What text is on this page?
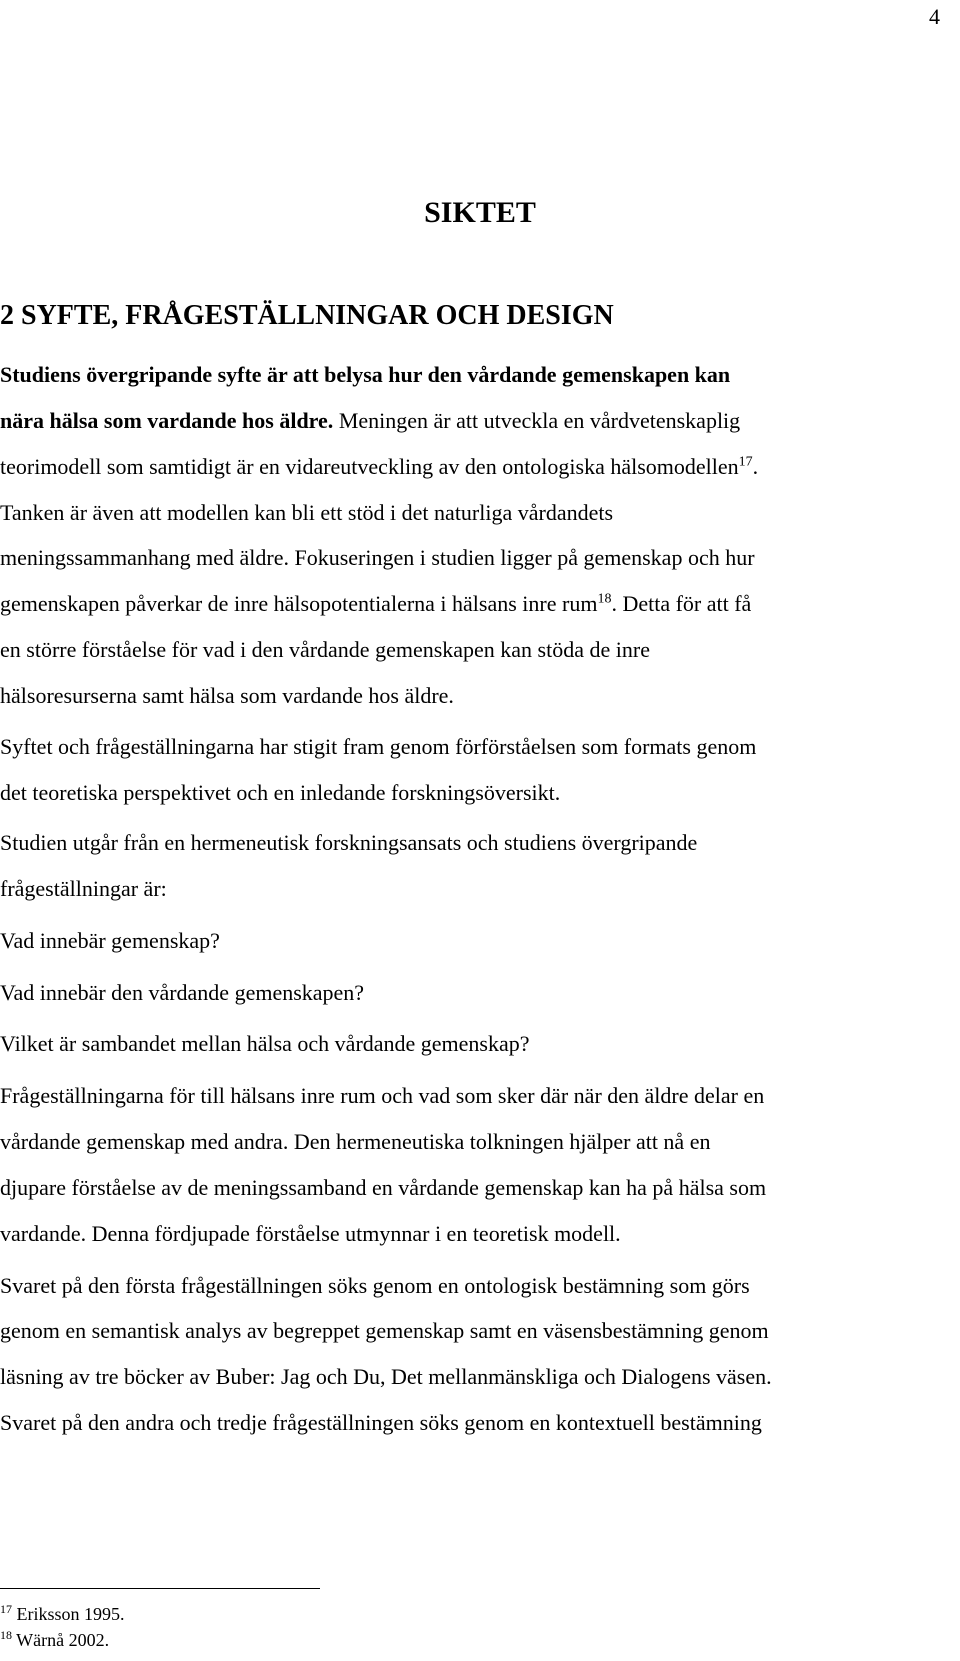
4
SIKTET
2 SYFTE, FRÅGESTÄLLNINGAR OCH DESIGN
Studiens övergripande syfte är att belysa hur den vårdande gemenskapen kan
nära hälsa som vardande hos äldre. Meningen är att utveckla en vårdvetenskaplig
teorimodell som samtidigt är en vidareutveckling av den ontologiska hälsomodellen$^{17}$.
Tanken är även att modellen kan bli ett stöd i det naturliga vårdandets
meningssammanhang med äldre. Fokuseringen i studien ligger på gemenskap och hur
gemenskapen påverkar de inre hälsopotentialerna i hälsans inre rum$^{18}$. Detta för att få
en större förståelse för vad i den vårdande gemenskapen kan stöda de inre
hälsoresurserna samt hälsa som vardande hos äldre.
Syftet och frågeställningarna har stigit fram genom förförståelsen som formats genom
det teoretiska perspektivet och en inledande forskningsöversikt.
Studien utgår från en hermeneutisk forskningsansats och studiens övergripande
frågeställningar är:
Vad innebär gemenskap?
Vad innebär den vårdande gemenskapen?
Vilket är sambandet mellan hälsa och vårdande gemenskap?
Frågeställningarna för till hälsans inre rum och vad som sker där när den äldre delar en
vårdande gemenskap med andra. Den hermeneutiska tolkningen hjälper att nå en
djupare förståelse av de meningssamband en vårdande gemenskap kan ha på hälsa som
vardande. Denna fördjupade förståelse utmynnar i en teoretisk modell.
Svaret på den första frågeställningen söks genom en ontologisk bestämning som görs
genom en semantisk analys av begreppet gemenskap samt en väsensbestämning genom
läsning av tre böcker av Buber: Jag och Du, Det mellanmänskliga och Dialogens väsen.
Svaret på den andra och tredje frågeställningen söks genom en kontextuell bestämning
$^{17}$ Eriksson 1995.
$^{18}$ Wärnå 2002.
